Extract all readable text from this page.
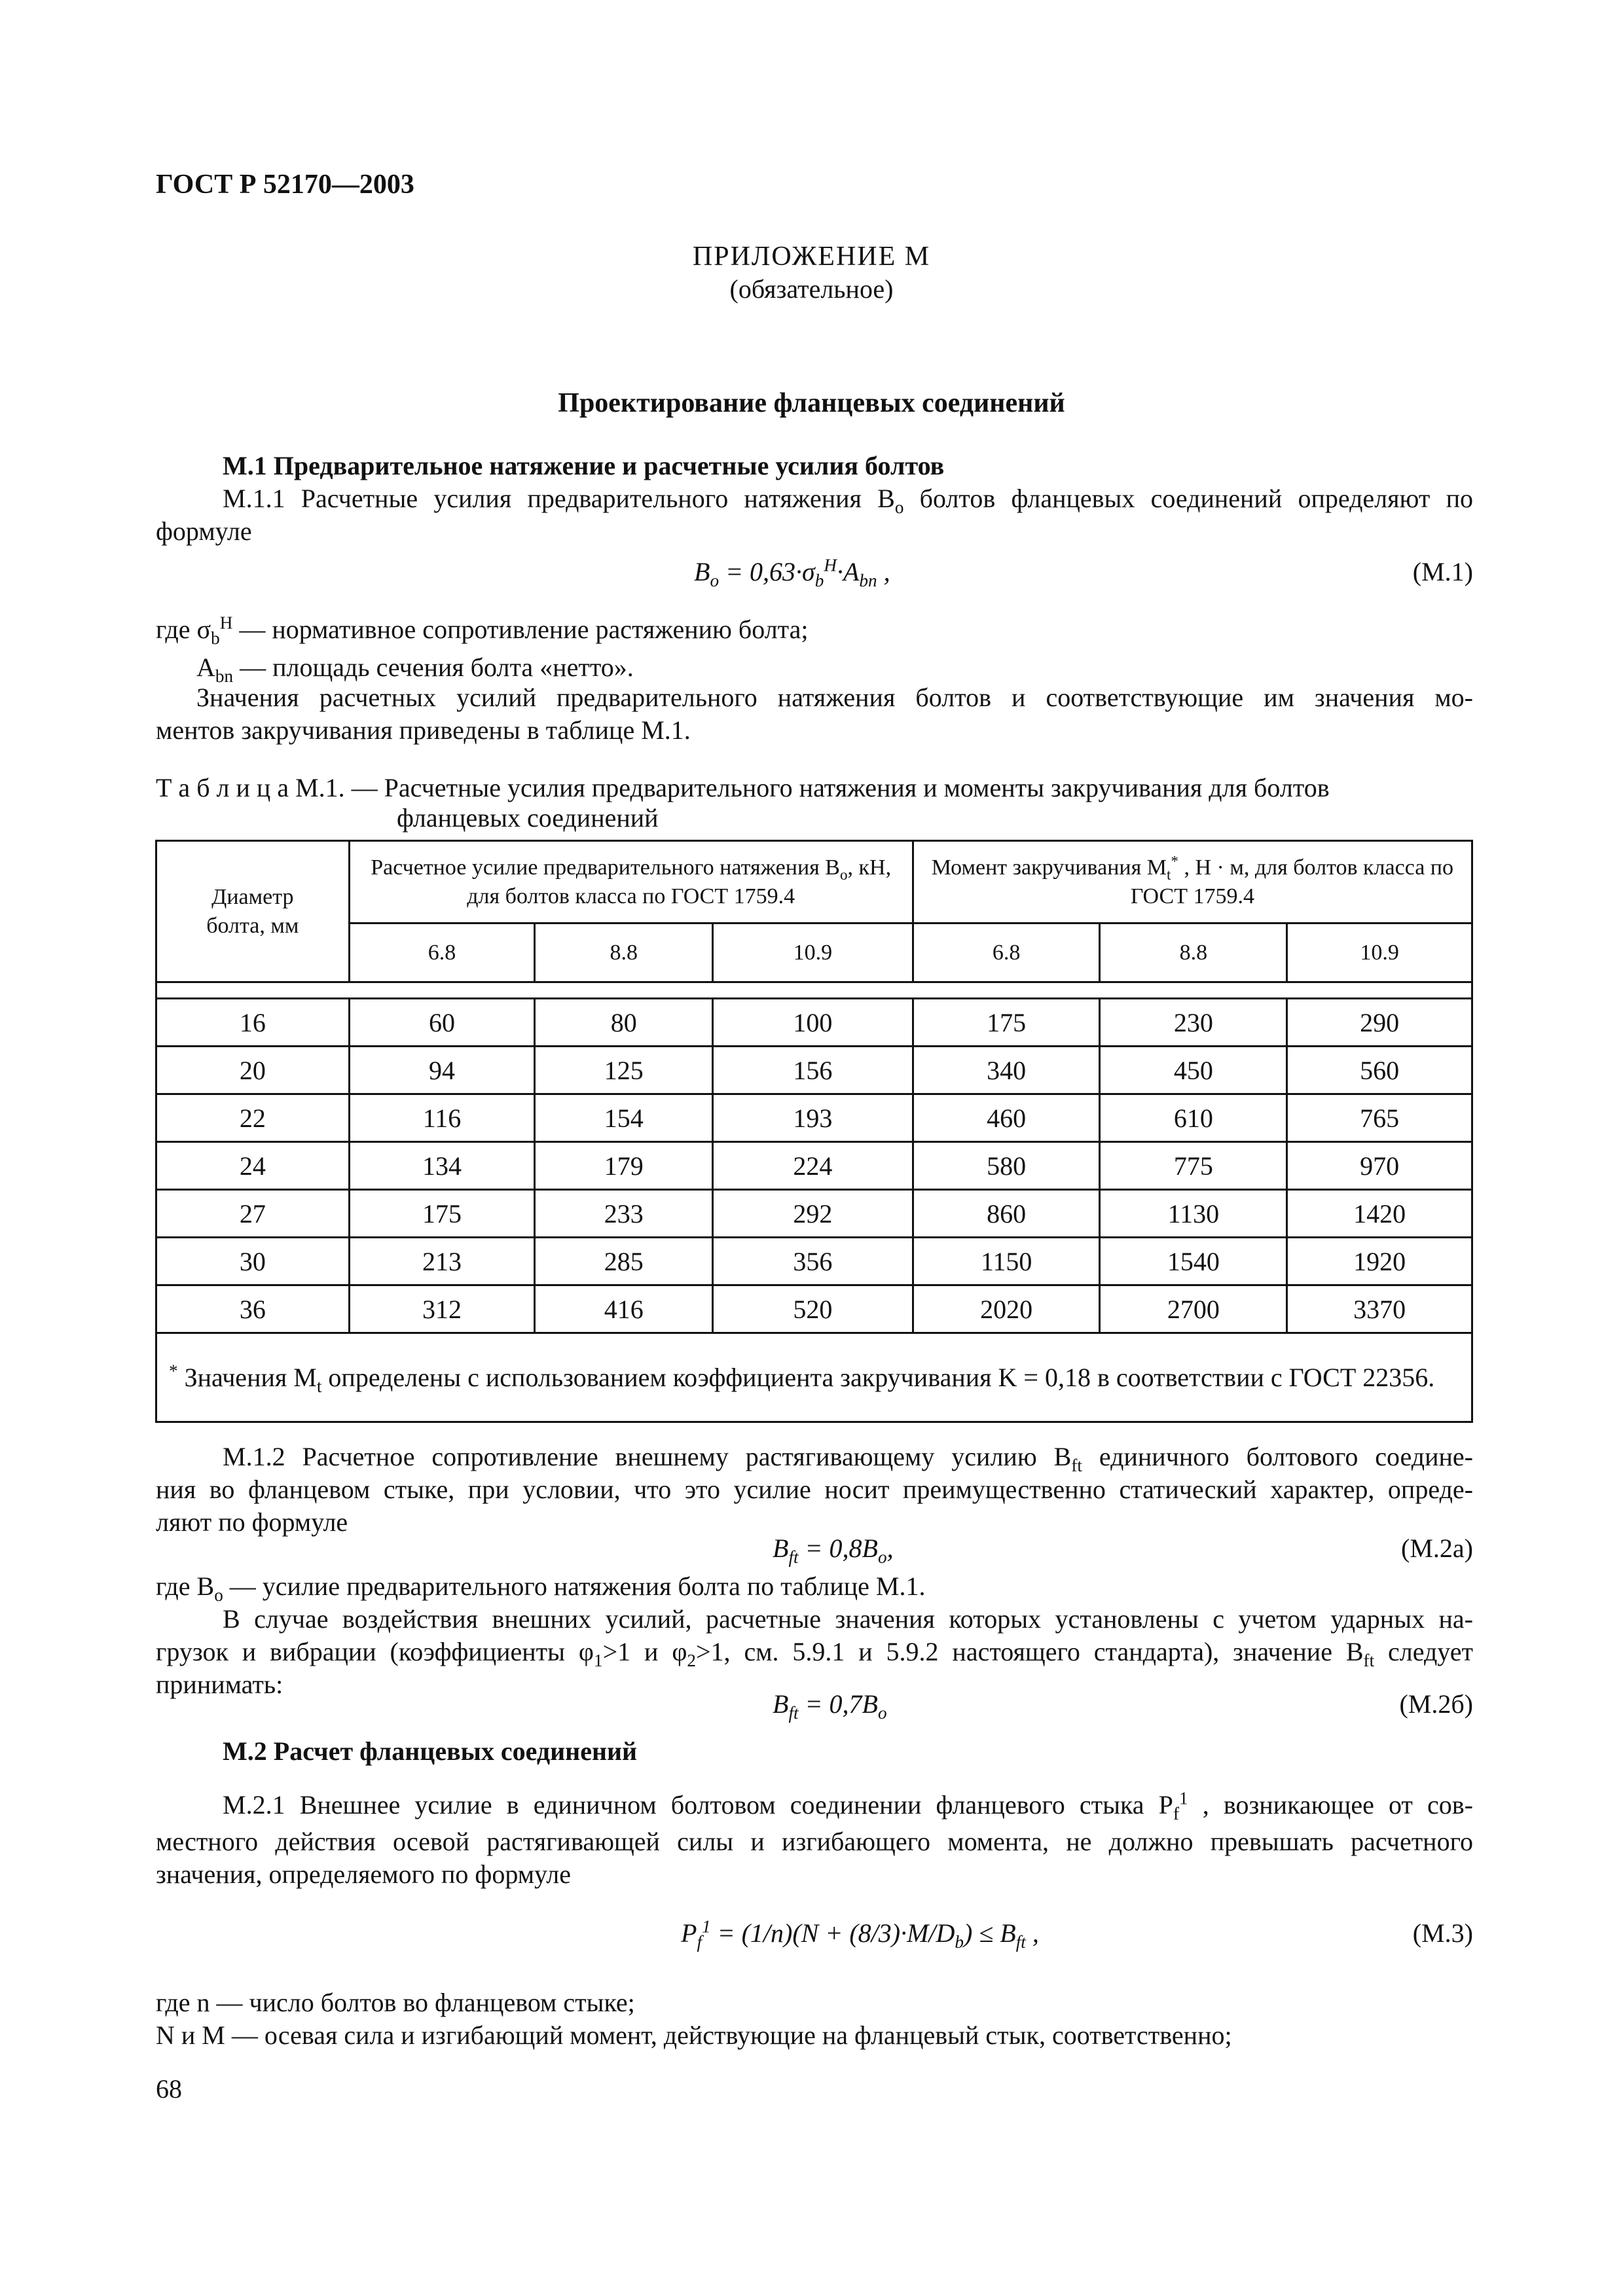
ГОСТ Р 52170—2003
ПРИЛОЖЕНИЕ М
(обязательное)
Проектирование фланцевых соединений
М.1 Предварительное натяжение и расчетные усилия болтов
М.1.1 Расчетные усилия предварительного натяжения $B_o$ болтов фланцевых соединений определяют по
формуле
$B_o = 0,63\cdot\sigma_b^H\cdot A_{bn}$ ,	(М.1)
где $\sigma_b^H$ — нормативное сопротивление растяжению болта;
$A_{bn}$ — площадь сечения болта «нетто».
Значения расчетных усилий предварительного натяжения болтов и соответствующие им значения мо-
ментов закручивания приведены в таблице М.1.
Т а б л и ц а М.1. — Расчетные усилия предварительного натяжения и моменты закручивания для болтов
фланцевых соединений
Диаметр болта, мм	Расчетное усилие предварительного натяжения $B_o$, кН, для болтов класса по ГОСТ 1759.4			Момент закручивания $M_t^*$ , Н · м, для болтов класса по ГОСТ 1759.4		
	6.8	8.8	10.9	6.8	8.8	10.9

16	60	80	100	175	230	290
20	94	125	156	340	450	560
22	116	154	193	460	610	765
24	134	179	224	580	775	970
27	175	233	292	860	1130	1420
30	213	285	356	1150	1540	1920
36	312	416	520	2020	2700	3370
* Значения $M_t$ определены с использованием коэффициента закручивания K = 0,18 в соответствии с ГОСТ 22356.						
М.1.2 Расчетное сопротивление внешнему растягивающему усилию $B_{ft}$ единичного болтового соедине-
ния во фланцевом стыке, при условии, что это усилие носит преимущественно статический характер, опреде-
ляют по формуле
$B_{ft} = 0,8B_o$,	(М.2а)
где $B_o$ — усилие предварительного натяжения болта по таблице М.1.
В случае воздействия внешних усилий, расчетные значения которых установлены с учетом ударных на-
грузок и вибрации (коэффициенты $\varphi_1>1$ и $\varphi_2>1$, см. 5.9.1 и 5.9.2 настоящего стандарта), значение $B_{ft}$ следует
принимать:
$B_{ft} = 0,7B_o$	(М.2б)
М.2 Расчет фланцевых соединений
М.2.1 Внешнее усилие в единичном болтовом соединении фланцевого стыка $P_f^1$ , возникающее от сов-
местного действия осевой растягивающей силы и изгибающего момента, не должно превышать расчетного
значения, определяемого по формуле
$P_f^1 = (1/n)(N + (8/3)\cdot M/D_b) \le B_{ft}$ ,	(М.3)
где n — число болтов во фланцевом стыке;
N и M — осевая сила и изгибающий момент, действующие на фланцевый стык, соответственно;
68
